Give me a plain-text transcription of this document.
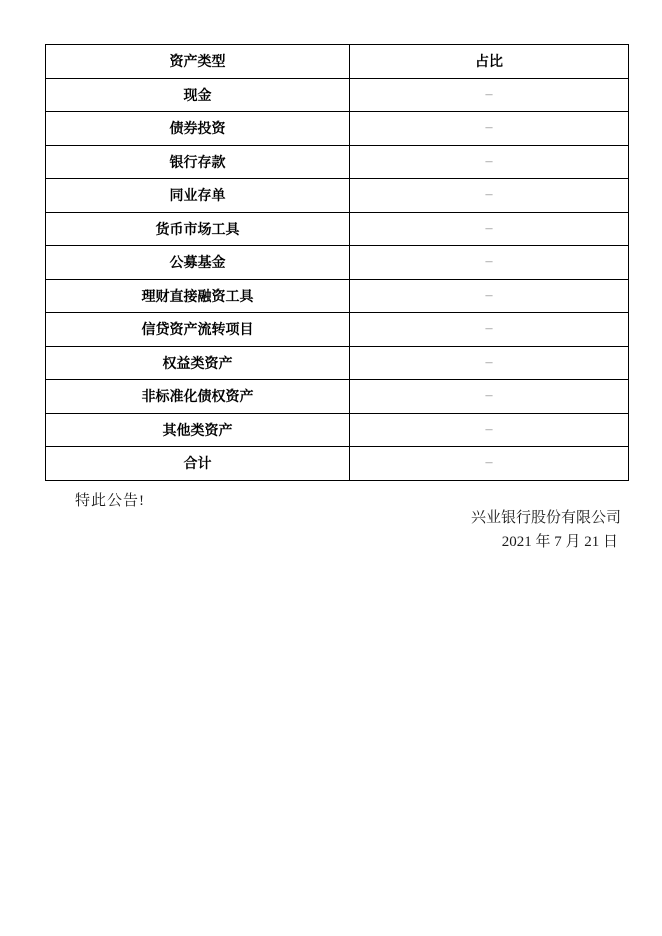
资产类型	占比
现金	–
债券投资	–
银行存款	–
同业存单	–
货币市场工具	–
公募基金	–
理财直接融资工具	–
信贷资产流转项目	–
权益类资产	–
非标准化债权资产	–
其他类资产	–
合计	–
特此公告!
兴业银行股份有限公司
2021 年 7 月 21 日
